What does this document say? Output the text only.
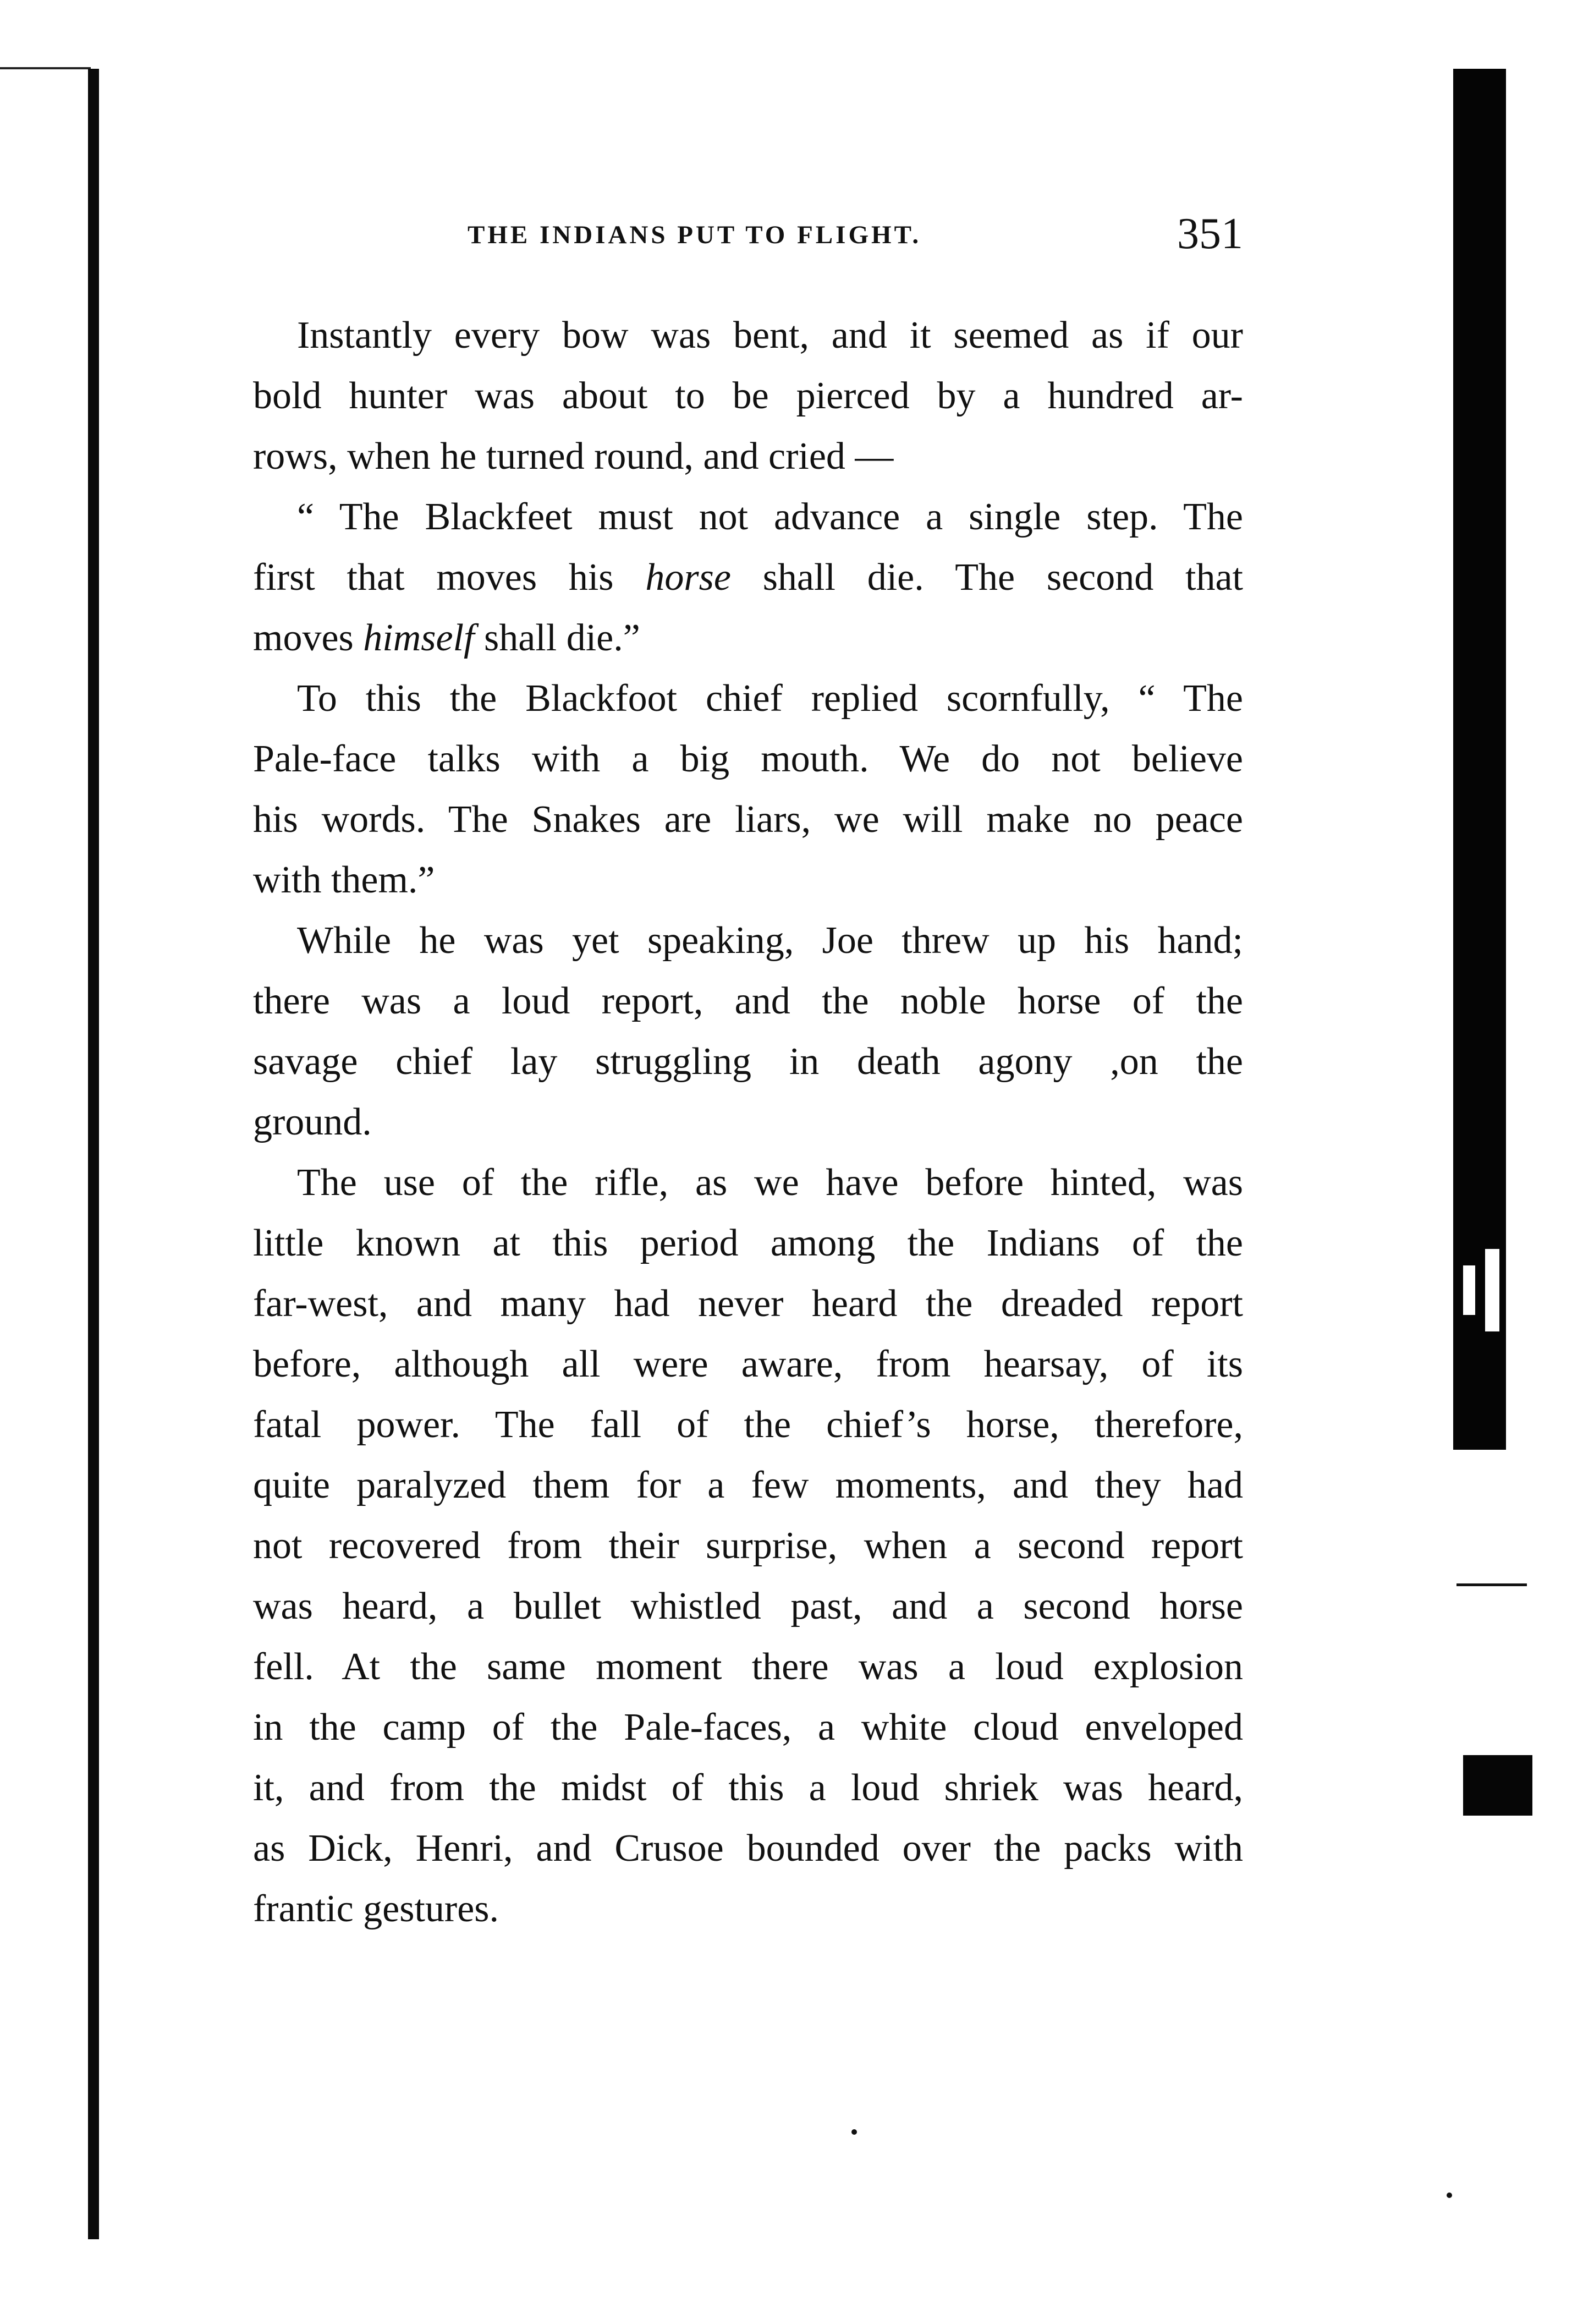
THE INDIANS PUT TO FLIGHT.	351
Instantly every bow was bent, and it seemed as if our
bold hunter was about to be pierced by a hundred ar-
rows, when he turned round, and cried —
“ The Blackfeet must not advance a single step. The
first that moves his horse shall die. The second that
moves himself shall die.”
To this the Blackfoot chief replied scornfully, “ The
Pale-face talks with a big mouth. We do not believe
his words. The Snakes are liars, we will make no peace
with them.”
While he was yet speaking, Joe threw up his hand;
there was a loud report, and the noble horse of the
savage chief lay struggling in death agony ,on the
ground.
The use of the rifle, as we have before hinted, was
little known at this period among the Indians of the
far-west, and many had never heard the dreaded report
before, although all were aware, from hearsay, of its
fatal power. The fall of the chief’s horse, therefore,
quite paralyzed them for a few moments, and they had
not recovered from their surprise, when a second report
was heard, a bullet whistled past, and a second horse
fell. At the same moment there was a loud explosion
in the camp of the Pale-faces, a white cloud enveloped
it, and from the midst of this a loud shriek was heard,
as Dick, Henri, and Crusoe bounded over the packs with
frantic gestures.
